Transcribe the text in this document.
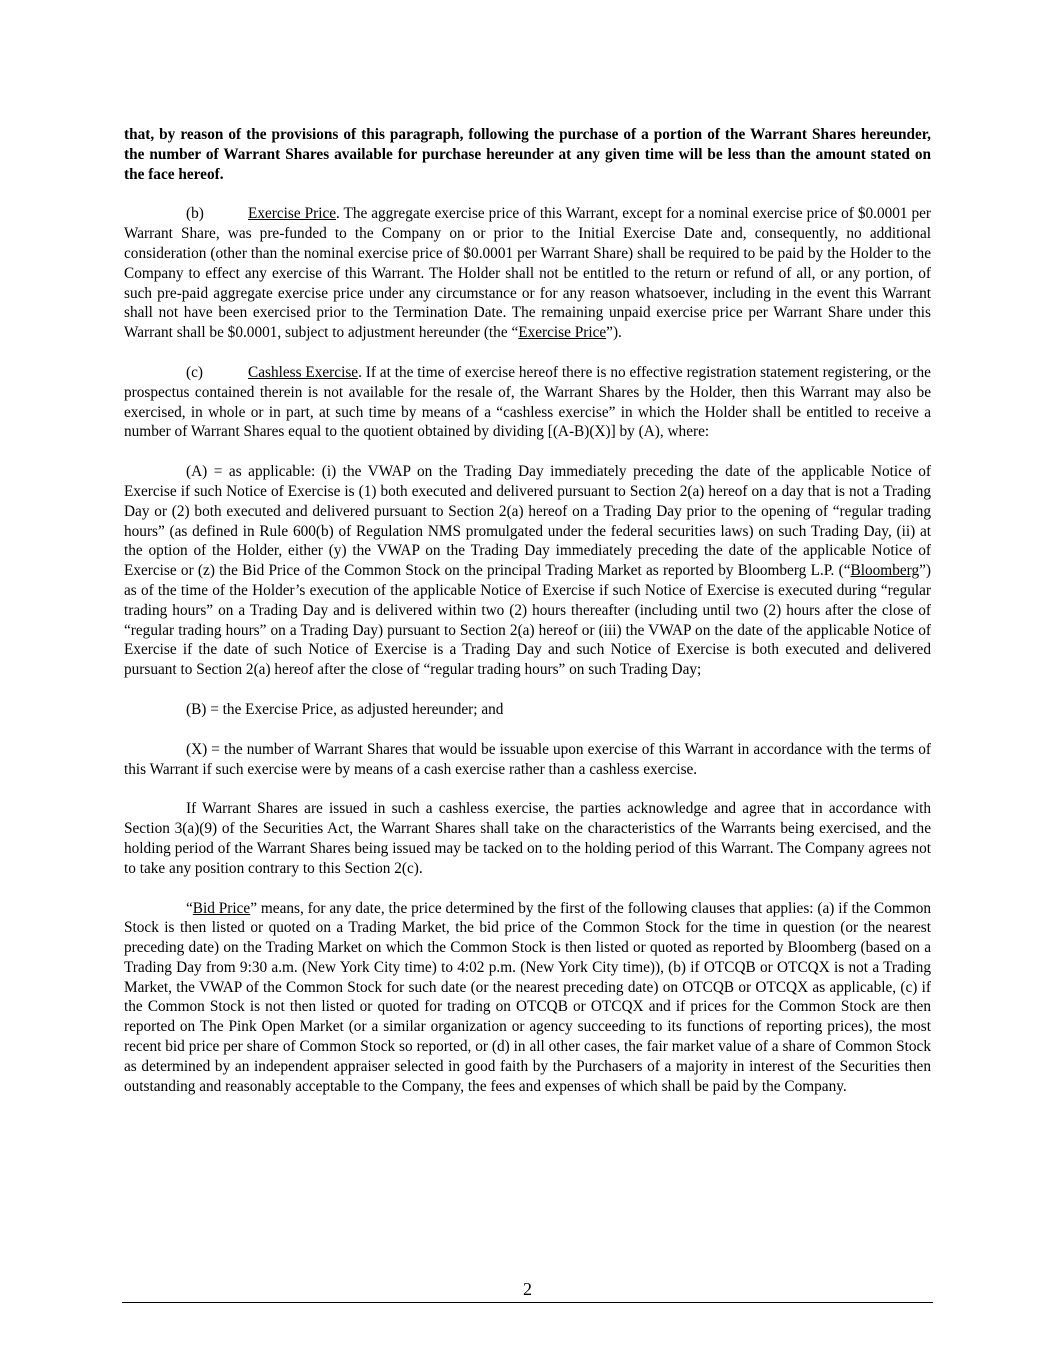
that, by reason of the provisions of this paragraph, following the purchase of a portion of the Warrant Shares hereunder, the number of Warrant Shares available for purchase hereunder at any given time will be less than the amount stated on the face hereof.

(b)	Exercise Price. The aggregate exercise price of this Warrant, except for a nominal exercise price of $0.0001 per Warrant Share, was pre-funded to the Company on or prior to the Initial Exercise Date and, consequently, no additional consideration (other than the nominal exercise price of $0.0001 per Warrant Share) shall be required to be paid by the Holder to the Company to effect any exercise of this Warrant. The Holder shall not be entitled to the return or refund of all, or any portion, of such pre-paid aggregate exercise price under any circumstance or for any reason whatsoever, including in the event this Warrant shall not have been exercised prior to the Termination Date. The remaining unpaid exercise price per Warrant Share under this Warrant shall be $0.0001, subject to adjustment hereunder (the “Exercise Price”).

(c)	Cashless Exercise. If at the time of exercise hereof there is no effective registration statement registering, or the prospectus contained therein is not available for the resale of, the Warrant Shares by the Holder, then this Warrant may also be exercised, in whole or in part, at such time by means of a “cashless exercise” in which the Holder shall be entitled to receive a number of Warrant Shares equal to the quotient obtained by dividing [(A-B)(X)] by (A), where:

(A) = as applicable: (i) the VWAP on the Trading Day immediately preceding the date of the applicable Notice of Exercise if such Notice of Exercise is (1) both executed and delivered pursuant to Section 2(a) hereof on a day that is not a Trading Day or (2) both executed and delivered pursuant to Section 2(a) hereof on a Trading Day prior to the opening of “regular trading hours” (as defined in Rule 600(b) of Regulation NMS promulgated under the federal securities laws) on such Trading Day, (ii) at the option of the Holder, either (y) the VWAP on the Trading Day immediately preceding the date of the applicable Notice of Exercise or (z) the Bid Price of the Common Stock on the principal Trading Market as reported by Bloomberg L.P. (“Bloomberg”) as of the time of the Holder’s execution of the applicable Notice of Exercise if such Notice of Exercise is executed during “regular trading hours” on a Trading Day and is delivered within two (2) hours thereafter (including until two (2) hours after the close of “regular trading hours” on a Trading Day) pursuant to Section 2(a) hereof or (iii) the VWAP on the date of the applicable Notice of Exercise if the date of such Notice of Exercise is a Trading Day and such Notice of Exercise is both executed and delivered pursuant to Section 2(a) hereof after the close of “regular trading hours” on such Trading Day;

(B) = the Exercise Price, as adjusted hereunder; and

(X) = the number of Warrant Shares that would be issuable upon exercise of this Warrant in accordance with the terms of this Warrant if such exercise were by means of a cash exercise rather than a cashless exercise.

If Warrant Shares are issued in such a cashless exercise, the parties acknowledge and agree that in accordance with Section 3(a)(9) of the Securities Act, the Warrant Shares shall take on the characteristics of the Warrants being exercised, and the holding period of the Warrant Shares being issued may be tacked on to the holding period of this Warrant. The Company agrees not to take any position contrary to this Section 2(c).

“Bid Price” means, for any date, the price determined by the first of the following clauses that applies: (a) if the Common Stock is then listed or quoted on a Trading Market, the bid price of the Common Stock for the time in question (or the nearest preceding date) on the Trading Market on which the Common Stock is then listed or quoted as reported by Bloomberg (based on a Trading Day from 9:30 a.m. (New York City time) to 4:02 p.m. (New York City time)), (b) if OTCQB or OTCQX is not a Trading Market, the VWAP of the Common Stock for such date (or the nearest preceding date) on OTCQB or OTCQX as applicable, (c) if the Common Stock is not then listed or quoted for trading on OTCQB or OTCQX and if prices for the Common Stock are then reported on The Pink Open Market (or a similar organization or agency succeeding to its functions of reporting prices), the most recent bid price per share of Common Stock so reported, or (d) in all other cases, the fair market value of a share of Common Stock as determined by an independent appraiser selected in good faith by the Purchasers of a majority in interest of the Securities then outstanding and reasonably acceptable to the Company, the fees and expenses of which shall be paid by the Company.

2
